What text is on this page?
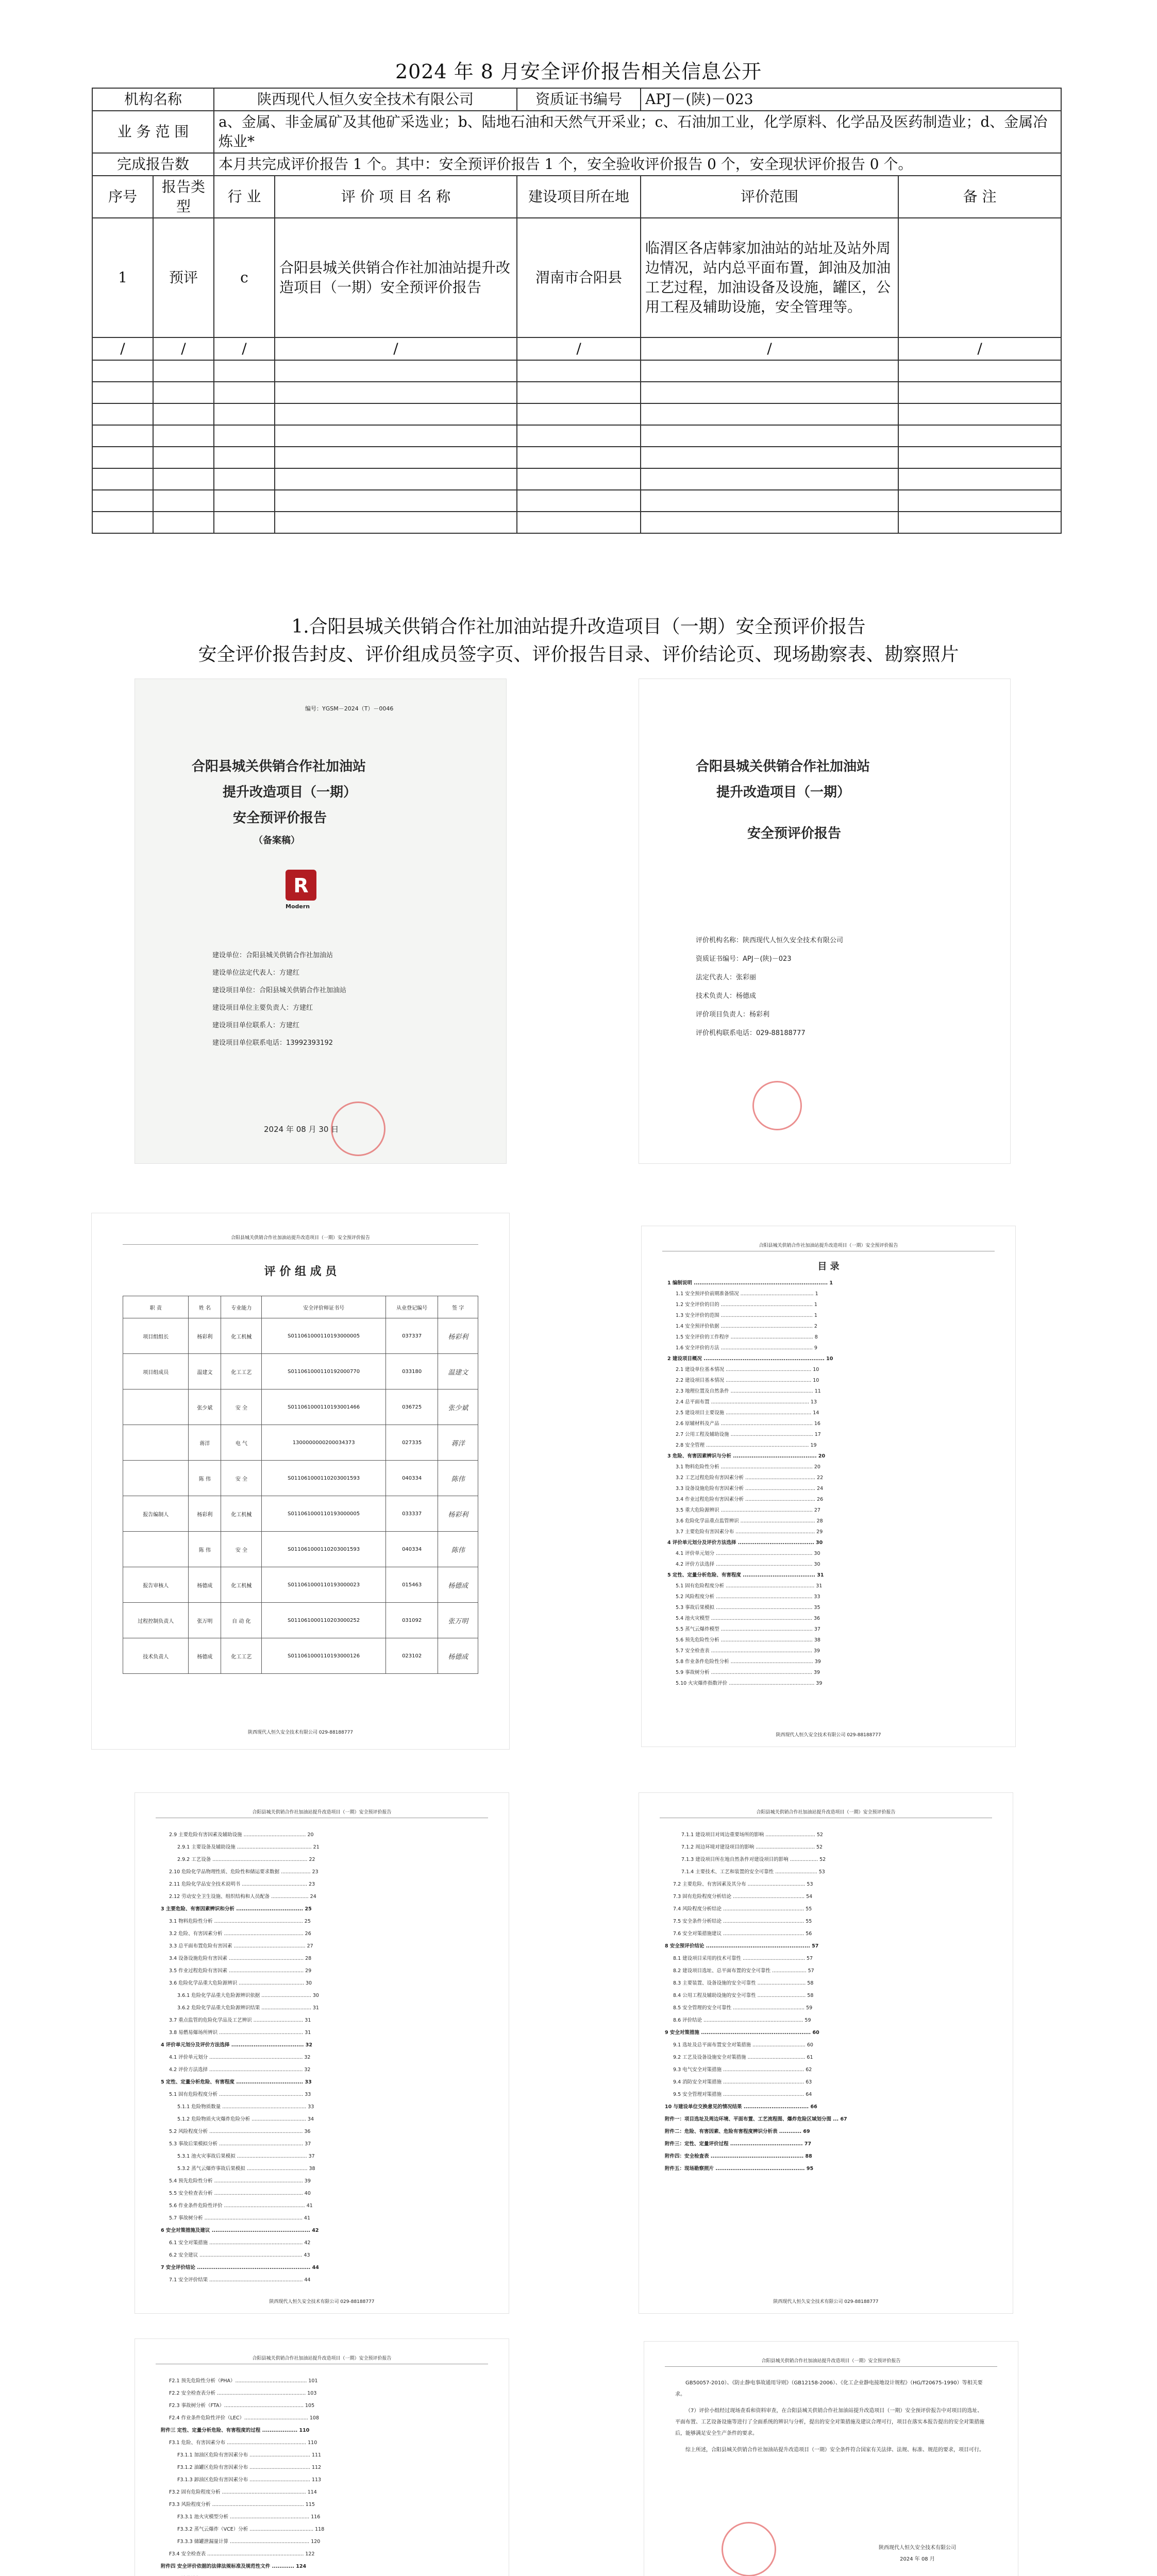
2024 年 8 月安全评价报告相关信息公开
机构名称		陕西现代人恒久安全技术有限公司		资质证书编号	APJ－(陕)－023	
业 务 范 围		a、金属、非金属矿及其他矿采选业；b、陆地石油和天然气开采业；c、石油加工业，化学原料、化学品及医药制造业；d、金属冶炼业*				
完成报告数		本月共完成评价报告 1 个。其中：安全预评价报告 1 个，安全验收评价报告 0 个，安全现状评价报告 0 个。				
序号	报告类型	行 业	评 价 项 目 名 称	建设项目所在地	评价范围	备 注
1	预评	c	合阳县城关供销合作社加油站提升改造项目（一期）安全预评价报告	渭南市合阳县	临渭区各店韩家加油站的站址及站外周边情况，站内总平面布置，卸油及加油工艺过程，加油设备及设施，罐区，公用工程及辅助设施，安全管理等。	
/	/	/	/	/	/	/

1.合阳县城关供销合作社加油站提升改造项目（一期）安全预评价报告
安全评价报告封皮、评价组成员签字页、评价报告目录、评价结论页、现场勘察表、勘察照片
编号：YGSM－2024（T）－0046
合阳县城关供销合作社加油站
提升改造项目（一期）
安全预评价报告
（备案稿）
R
Modern
建设单位：合阳县城关供销合作社加油站
建设单位法定代表人：方建红
建设项目单位：合阳县城关供销合作社加油站
建设项目单位主要负责人：方建红
建设项目单位联系人：方建红
建设项目单位联系电话：13992393192
2024 年 08 月 30 日
合阳县城关供销合作社加油站
提升改造项目（一期）
安全预评价报告
评价机构名称：陕西现代人恒久安全技术有限公司
资质证书编号：APJ－(陕)－023
法定代表人：张彩丽
技术负责人：杨德成
评价项目负责人：杨彩利
评价机构联系电话：029-88188777
合阳县城关供销合作社加油站提升改造项目（一期）安全预评价报告
评 价 组 成 员
职 责	姓 名	专业能力	安全评价师证书号	从业登记编号	签 字
项目组组长	杨彩利	化工机械	S011061000110193000005	037337	杨彩利
项目组成员	温建文	化工工艺	S011061000110192000770	033180	温建文
	张少斌	安 全	S011061000110193001466	036725	张少斌
	蒋洋	电 气	1300000000200034373	027335	蒋洋
	陈 伟	安 全	S011061000110203001593	040334	陈伟
报告编制人	杨彩利	化工机械	S011061000110193000005	033337	杨彩利
	陈 伟	安 全	S011061000110203001593	040334	陈伟
报告审核人	杨德成	化工机械	S011061000110193000023	015463	杨德成
过程控制负责人	张万明	自 动 化	S011061000110203000252	031092	张万明
技术负责人	杨德成	化工工艺	S011061000110193000126	023102	杨德成
陕西现代人恒久安全技术有限公司 029-88188777
合阳县城关供销合作社加油站提升改造项目（一期）安全预评价报告
目 录
1 编制说明 ........................................................................ 1
1.1 安全预评价前期准备情况 ............................................... 1
1.2 安全评价的目的 ........................................................... 1
1.3 安全评价的范围 ........................................................... 1
1.4 安全预评价依据 ........................................................... 2
1.5 安全评价的工作程序 ..................................................... 8
1.6 安全评价的方法 ........................................................... 9
2 建设项目概况 ................................................................. 10
2.1 建设单位基本情况 ....................................................... 10
2.2 建设项目基本情况 ....................................................... 10
2.3 地理位置及自然条件 ..................................................... 11
2.4 总平面布置 ............................................................... 13
2.5 建设项目主要设施 ....................................................... 14
2.6 原辅材料及产品 ........................................................... 16
2.7 公用工程及辅助设施 ..................................................... 17
2.8 安全管理 .................................................................. 19
3 危险、有害因素辨识与分析 ............................................. 20
3.1 物料危险性分析 ........................................................... 20
3.2 工艺过程危险有害因素分析 ............................................. 22
3.3 设备设施危险有害因素分析 ............................................. 24
3.4 作业过程危险有害因素分析 ............................................. 26
3.5 重大危险源辨识 ........................................................... 27
3.6 危险化学品重点监管辨识 ................................................ 28
3.7 主要危险有害因素分布 ................................................... 29
4 评价单元划分及评价方法选择 ......................................... 30
4.1 评价单元划分 .............................................................. 30
4.2 评价方法选择 .............................................................. 30
5 定性、定量分析危险、有害程度 ....................................... 31
5.1 固有危险程度分析 ......................................................... 31
5.2 风险程度分析 .............................................................. 33
5.3 事故后果模拟 .............................................................. 35
5.4 池火灾模型 ................................................................. 36
5.5 蒸气云爆炸模型 ........................................................... 37
5.6 预先危险性分析 ........................................................... 38
5.7 安全检查表 ................................................................. 39
5.8 作业条件危险性分析 ..................................................... 39
5.9 事故树分析 ................................................................. 39
5.10 火灾爆炸指数评价 ....................................................... 39
陕西现代人恒久安全技术有限公司 029-88188777
合阳县城关供销合作社加油站提升改造项目（一期）安全预评价报告
2.9 主要危险有害因素及辅助设施 ........................................ 20
2.9.1 主要设备及辅助设施 ................................................ 21
2.9.2 工艺设备 ............................................................. 22
2.10 危险化学品物理性质、危险性和储运要求数据 ................... 23
2.11 危险化学品安全技术说明书 .......................................... 23
2.12 劳动安全卫生设施、组织结构和人员配备 ........................ 24
3 主要危险、有害因素辨识和分析 .................................... 25
3.1 物料危险性分析 ......................................................... 25
3.2 危险、有害因素分析 ................................................... 26
3.3 总平面布置危险有害因素 .............................................. 27
3.4 设备设施危险有害因素 ................................................ 28
3.5 作业过程危险有害因素 ................................................ 29
3.6 危险化学品重大危险源辨识 .......................................... 30
3.6.1 危险化学品重大危险源辨识依据 ................................ 30
3.6.2 危险化学品重大危险源辨识结果 ................................ 31
3.7 重点监管的危险化学品及工艺辨识 ................................ 31
3.8 易燃易爆场所辨识 ...................................................... 31
4 评价单元划分及评价方法选择 ....................................... 32
4.1 评价单元划分 ............................................................ 32
4.2 评价方法选择 ............................................................ 32
5 定性、定量分析危险、有害程度 .................................... 33
5.1 固有危险程度分析 ...................................................... 33
5.1.1 危险物质数量 ...................................................... 33
5.1.2 危险物质火灾爆炸危险分析 ................................... 34
5.2 风险程度分析 ............................................................ 36
5.3 事故后果模拟分析 ...................................................... 37
5.3.1 池火灾事故后果模拟 ............................................. 37
5.3.2 蒸气云爆炸事故后果模拟 ....................................... 38
5.4 预先危险性分析 ......................................................... 39
5.5 安全检查表分析 ......................................................... 40
5.6 作业条件危险性评价 .................................................... 41
5.7 事故树分析 ............................................................... 41
6 安全对策措施及建议 ..................................................... 42
6.1 安全对策措施 ............................................................ 42
6.2 安全建议 .................................................................. 43
7 安全评价结论 ............................................................. 44
7.1 安全评价结果 ............................................................ 44
陕西现代人恒久安全技术有限公司 029-88188777
合阳县城关供销合作社加油站提升改造项目（一期）安全预评价报告
7.1.1 建设项目对周边重要场所的影响 ................................ 52
7.1.2 周边环境对建设项目的影响 ...................................... 52
7.1.3 建设项目所在地自然条件对建设项目的影响 .................. 52
7.1.4 主要技术、工艺和装置的安全可靠性 ........................... 53
7.2 主要危险、有害因素及其分布 ..................................... 53
7.3 固有危险程度分析结论 .............................................. 54
7.4 风险程度分析结论 .................................................... 55
7.5 安全条件分析结论 .................................................... 55
7.6 安全对策措施建议 .................................................... 56
8 安全预评价结论 ........................................................ 57
8.1 建设项目采用的技术可靠性 ........................................ 57
8.2 建设项目选址、总平面布置的安全可靠性 ...................... 57
8.3 主要装置、设备设施的安全可靠性 ............................... 58
8.4 公用工程及辅助设施的安全可靠性 ............................... 58
8.5 安全管理的安全可靠性 .............................................. 59
8.6 评价结论 ................................................................ 59
9 安全对策措施 ........................................................... 60
9.1 选址及总平面布置安全对策措施 .................................. 60
9.2 工艺及设备设施安全对策措施 ..................................... 61
9.3 电气安全对策措施 .................................................... 62
9.4 消防安全对策措施 .................................................... 63
9.5 安全管理对策措施 .................................................... 64
10 与建设单位交换意见的情况结果 ................................... 66
附件一：项目选址及周边环境、平面布置、工艺流程图、爆炸危险区域划分图 ... 67
附件二：危险、有害因素、危险有害程度辨识分析表 ............ 69
附件三：定性、定量评价过程 ....................................... 77
附件四：安全检查表 .................................................. 88
附件五：现场勘察照片 ................................................ 95
陕西现代人恒久安全技术有限公司 029-88188777
合阳县城关供销合作社加油站提升改造项目（一期）安全预评价报告
F2.1 预先危险性分析（PHA）.............................................. 101
F2.2 安全检查表分析 ......................................................... 103
F2.3 事故树分析（FTA）................................................... 105
F2.4 作业条件危险性评价（LEC）......................................... 108
附件三 定性、定量分析危险、有害程度的过程 ................... 110
F3.1 危险、有害因素分布 ................................................... 110
F3.1.1 加油区危险有害因素分布 ....................................... 111
F3.1.2 油罐区危险有害因素分布 ....................................... 112
F3.1.3 卸油区危险有害因素分布 ....................................... 113
F3.2 固有危险程度分析 ...................................................... 114
F3.3 风险程度分析 ........................................................... 115
F3.3.1 池火灾模型分析 ................................................... 116
F3.3.2 蒸气云爆炸（VCE）分析 ......................................... 118
F3.3.3 储罐泄漏量计算 ................................................... 120
F3.4 安全检查表 .............................................................. 122
附件四 安全评价依据的法律法规标准及规范性文件 ............ 124
合阳县城关供销合作社加油站提升改造项目（一期）安全预评价报告

GB50057-2010）、《防止静电事故通用导则》（GB12158-2006）、《化工企业静电接地设计规程》（HG/T20675-1990）等相关要求。

（7）评价小组经过现场查看和资料审查，在合阳县城关供销合作社加油站提升改造项目（一期）安全预评价报告中对项目的选址、平面布置、工艺设备设施等进行了全面系统的辨识与分析，提出的安全对策措施及建议合理可行，项目在落实本报告提出的安全对策措施后，能够满足安全生产条件的要求。

综上所述，合阳县城关供销合作社加油站提升改造项目（一期）安全条件符合国家有关法律、法规、标准、规范的要求，项目可行。

陕西现代人恒久安全技术有限公司
2024 年 08 月
